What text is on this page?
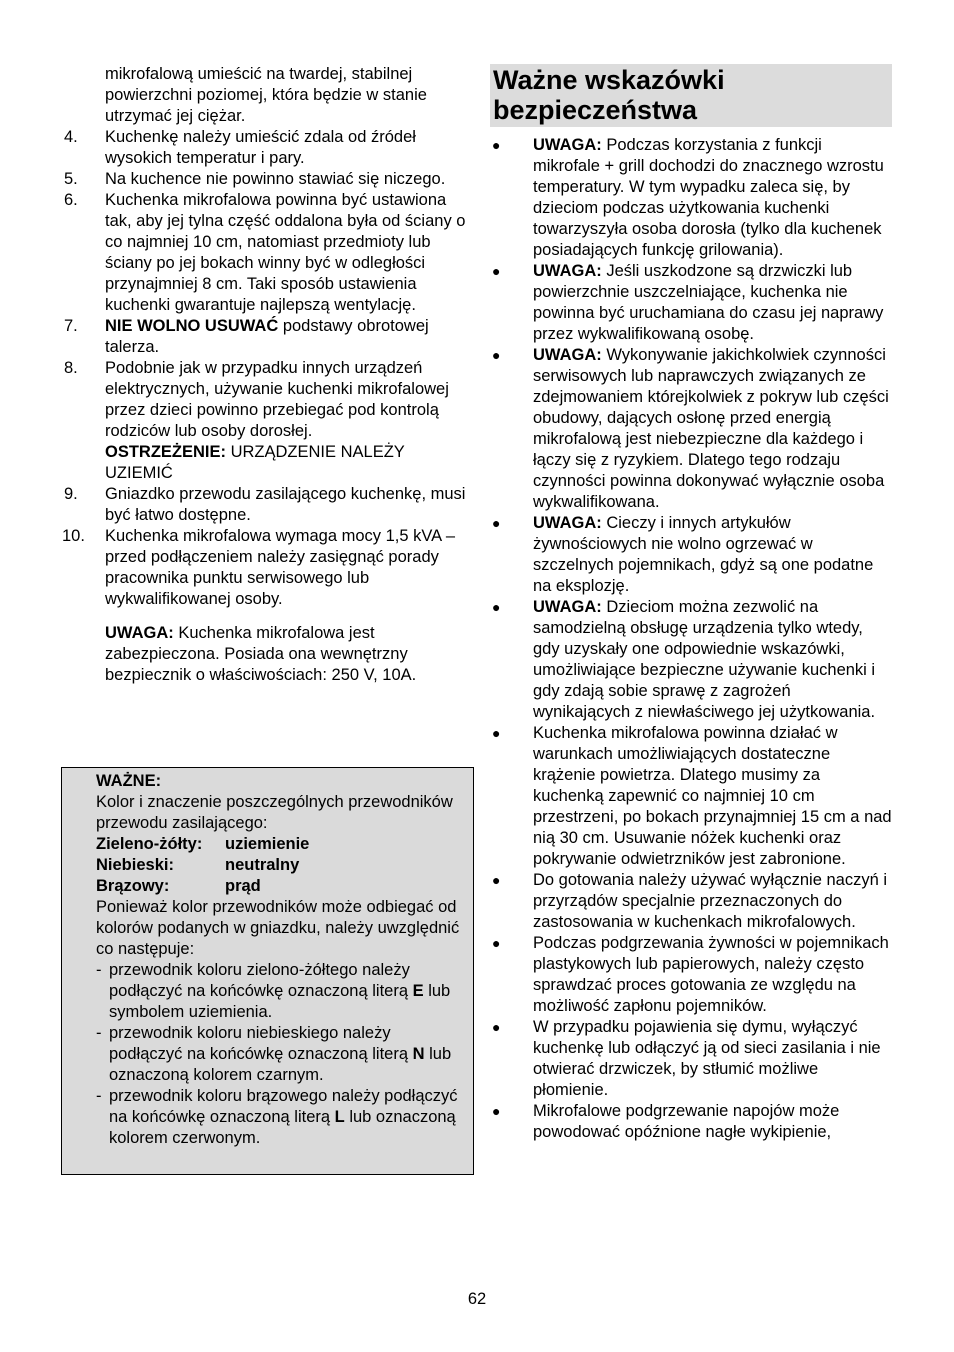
mikrofalową umieścić na twardej, stabilnej powierzchni poziomej, która będzie w stanie utrzymać jej ciężar.
4.	Kuchenkę należy umieścić zdala od źródeł wysokich temperatur i pary.
5.	Na kuchence nie powinno stawiać się niczego.
6.	Kuchenka mikrofalowa powinna być ustawiona tak, aby jej tylna część oddalona była od ściany o co najmniej 10 cm, natomiast przedmioty lub ściany po jej bokach winny być w odległości przynajmniej 8 cm. Taki sposób ustawienia kuchenki gwarantuje najlepszą wentylację.
7.	NIE WOLNO USUWAĆ podstawy obrotowej talerza.
8.	Podobnie jak w przypadku innych urządzeń elektrycznych, używanie kuchenki mikrofalowej przez dzieci powinno przebiegać pod kontrolą rodziców lub osoby dorosłej.
OSTRZEŻENIE: URZĄDZENIE NALEŻY UZIEMIĆ
9.	Gniazdko przewodu zasilającego kuchenkę, musi być łatwo dostępne.
10.	Kuchenka mikrofalowa wymaga mocy 1,5 kVA – przed podłączeniem należy zasięgnąć porady pracownika punktu serwisowego lub wykwalifikowanej osoby.
UWAGA: Kuchenka mikrofalowa jest zabezpieczona. Posiada ona wewnętrzny bezpiecznik o właściwościach: 250 V, 10A.
WAŻNE:
Kolor i znaczenie poszczególnych przewodników przewodu zasilającego:
Zieleno-żółty:	uziemienie
Niebieski:	neutralny
Brązowy:	prąd
Ponieważ kolor przewodników może odbiegać od kolorów podanych w gniazdku, należy uwzględnić co następuje:
- przewodnik koloru zielono-żółtego należy podłączyć na końcówkę oznaczoną literą E lub symbolem uziemienia.
- przewodnik koloru niebieskiego należy podłączyć na końcówkę oznaczoną literą N lub oznaczoną kolorem czarnym.
- przewodnik koloru brązowego należy podłączyć na końcówkę oznaczoną literą L lub oznaczoną kolorem czerwonym.
Ważne wskazówki
bezpieczeństwa
●	UWAGA: Podczas korzystania z funkcji mikrofale + grill dochodzi do znacznego wzrostu temperatury. W tym wypadku zaleca się, by dzieciom podczas użytkowania kuchenki towarzyszyła osoba dorosła (tylko dla kuchenek posiadających funkcję grilowania).
●	UWAGA: Jeśli uszkodzone są drzwiczki lub powierzchnie uszczelniające, kuchenka nie powinna być uruchamiana do czasu jej naprawy przez wykwalifikowaną osobę.
●	UWAGA: Wykonywanie jakichkolwiek czynności serwisowych lub naprawczych związanych ze zdejmowaniem którejkolwiek z pokryw lub części obudowy, dających osłonę przed energią mikrofalową jest niebezpieczne dla każdego i łączy się z ryzykiem. Dlatego tego rodzaju czynności powinna dokonywać wyłącznie osoba wykwalifikowana.
●	UWAGA: Cieczy i innych artykułów żywnościowych nie wolno ogrzewać w szczelnych pojemnikach, gdyż są one podatne na eksplozję.
●	UWAGA: Dzieciom można zezwolić na samodzielną obsługę urządzenia tylko wtedy, gdy uzyskały one odpowiednie wskazówki, umożliwiające bezpieczne używanie kuchenki i gdy zdają sobie sprawę z zagrożeń wynikających z niewłaściwego jej użytkowania.
●	Kuchenka mikrofalowa powinna działać w warunkach umożliwiających dostateczne krążenie powietrza. Dlatego musimy za kuchenką zapewnić co najmniej 10 cm przestrzeni, po bokach przynajmniej 15 cm a nad nią 30 cm. Usuwanie nóżek kuchenki oraz pokrywanie odwietrzników jest zabronione.
●	Do gotowania należy używać wyłącznie naczyń i przyrządów specjalnie przeznaczonych do zastosowania w kuchenkach mikrofalowych.
●	Podczas podgrzewania żywności w pojemnikach plastykowych lub papierowych, należy często sprawdzać proces gotowania ze względu na możliwość zapłonu pojemników.
●	W przypadku pojawienia się dymu, wyłączyć kuchenkę lub odłączyć ją od sieci zasilania i nie otwierać drzwiczek, by stłumić możliwe płomienie.
●	Mikrofalowe podgrzewanie napojów może powodować opóźnione nagłe wykipienie,
62
